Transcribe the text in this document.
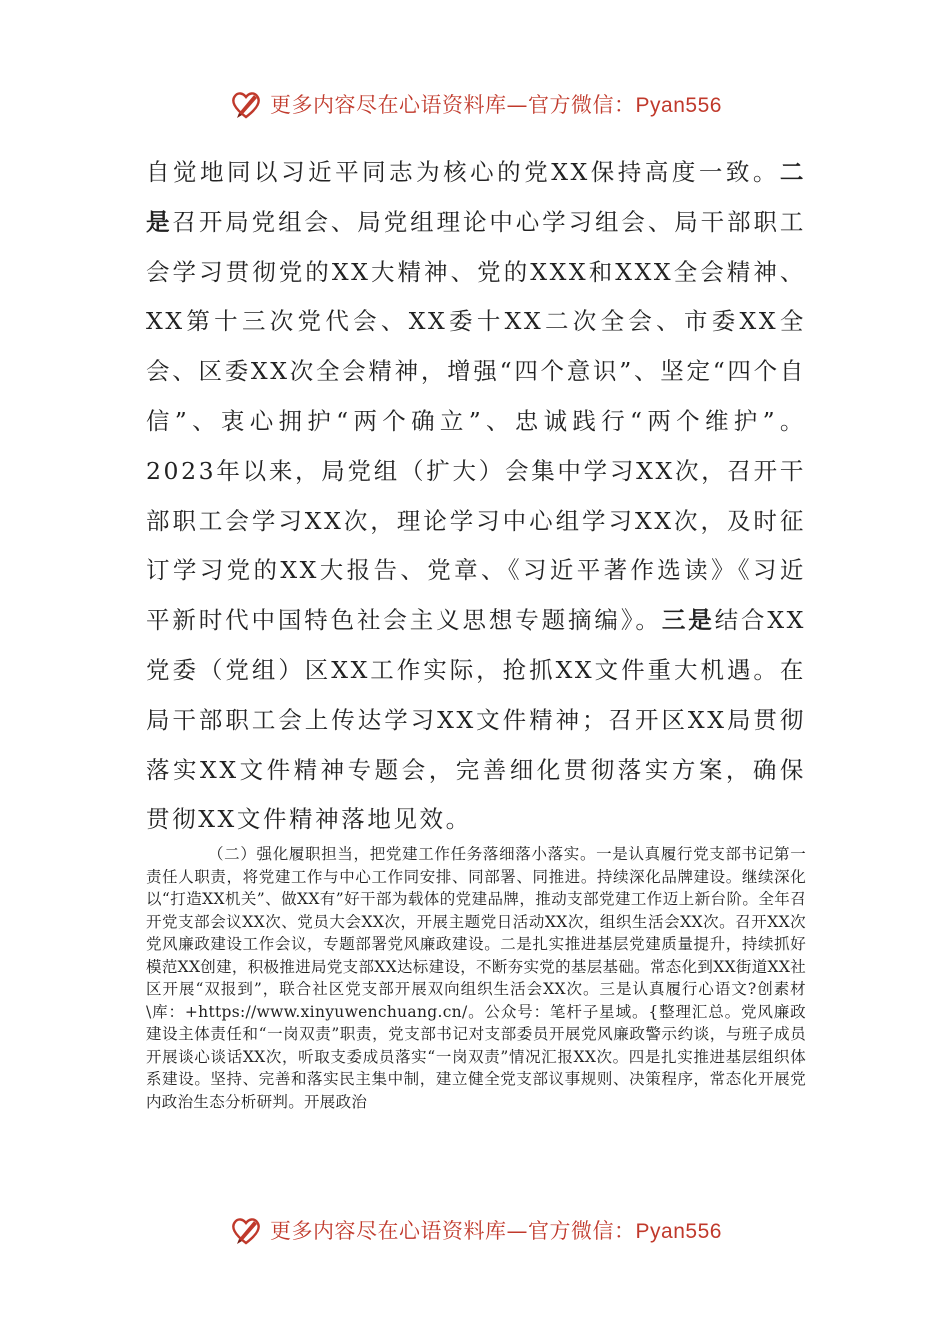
更多内容尽在心语资料库—官方微信：Pyan556

自觉地同以习近平同志为核心的党XX保持高度一致。二是召开局党组会、局党组理论中心学习组会、局干部职工会学习贯彻党的XX大精神、党的XXX和XXX全会精神、XX第十三次党代会、XX委十XX二次全会、市委XX全会、区委XX次全会精神，增强“四个意识”、坚定“四个自信”、衷心拥护“两个确立”、忠诚践行“两个维护”。2023年以来，局党组（扩大）会集中学习XX次，召开干部职工会学习XX次，理论学习中心组学习XX次，及时征订学习党的XX大报告、党章、《习近平著作选读》《习近平新时代中国特色社会主义思想专题摘编》。三是结合XX党委（党组）区XX工作实际，抢抓XX文件重大机遇。在局干部职工会上传达学习XX文件精神；召开区XX局贯彻落实XX文件精神专题会，完善细化贯彻落实方案，确保贯彻XX文件精神落地见效。

（二）强化履职担当，把党建工作任务落细落小落实。一是认真履行党支部书记第一责任人职责，将党建工作与中心工作同安排、同部署、同推进。持续深化品牌建设。继续深化以“打造XX机关”、做XX有”好干部为载体的党建品牌，推动支部党建工作迈上新台阶。全年召开党支部会议XX次、党员大会XX次，开展主题党日活动XX次，组织生活会XX次。召开XX次党风廉政建设工作会议，专题部署党风廉政建设。二是扎实推进基层党建质量提升，持续抓好模范XX创建，积极推进局党支部XX达标建设，不断夯实党的基层基础。常态化到XX街道XX社区开展“双报到”，联合社区党支部开展双向组织生活会XX次。三是认真履行心语文?创素材\库：+https://www.xinyuwenchuang.cn/。公众号：笔杆子星域。{整理汇总。党风廉政建设主体责任和“一岗双责”职责，党支部书记对支部委员开展党风廉政警示约谈，与班子成员开展谈心谈话XX次，听取支委成员落实“一岗双责”情况汇报XX次。四是扎实推进基层组织体系建设。坚持、完善和落实民主集中制，建立健全党支部议事规则、决策程序，常态化开展党内政治生态分析研判。开展政治

更多内容尽在心语资料库—官方微信：Pyan556
